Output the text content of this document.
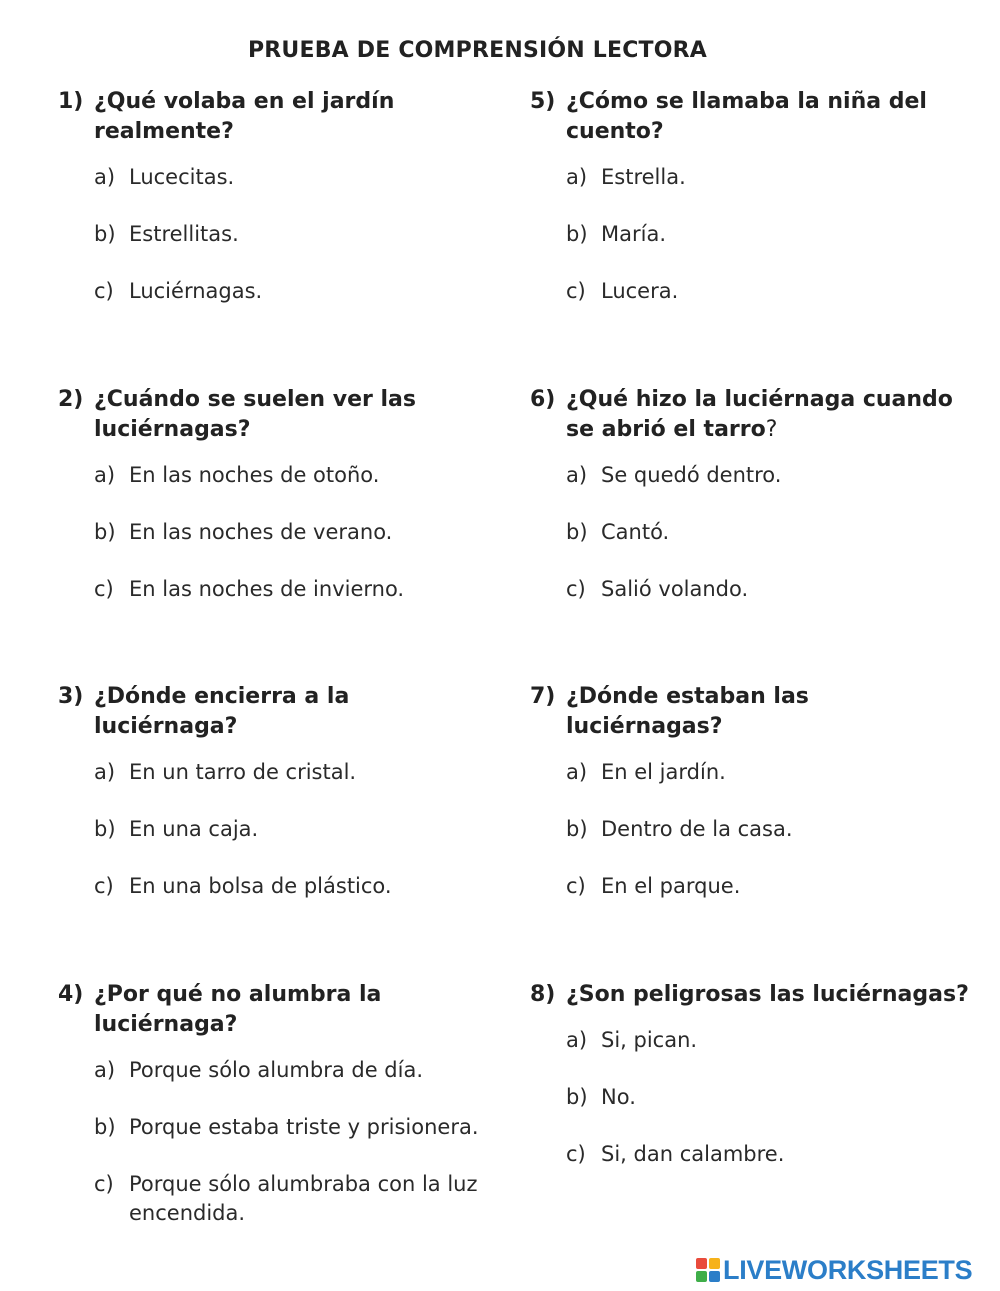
PRUEBA DE COMPRENSIÓN LECTORA
1) ¿Qué volaba en el jardín realmente?
a) Lucecitas.
b) Estrellitas.
c) Luciérnagas.
2) ¿Cuándo se suelen ver las luciérnagas?
a) En las noches de otoño.
b) En las noches de verano.
c) En las noches de invierno.
3) ¿Dónde encierra a la luciérnaga?
a) En un tarro de cristal.
b) En una caja.
c) En una bolsa de plástico.
4) ¿Por qué no alumbra la luciérnaga?
a) Porque sólo alumbra de día.
b) Porque estaba triste y prisionera.
c) Porque sólo alumbraba con la luz encendida.
5) ¿Cómo se llamaba la niña del cuento?
a) Estrella.
b) María.
c) Lucera.
6) ¿Qué hizo la luciérnaga cuando se abrió el tarro?
a) Se quedó dentro.
b) Cantó.
c) Salió volando.
7) ¿Dónde estaban las luciérnagas?
a) En el jardín.
b) Dentro de la casa.
c) En el parque.
8) ¿Son peligrosas las luciérnagas?
a) Si, pican.
b) No.
c) Si, dan calambre.
LIVEWORKSHEETS
